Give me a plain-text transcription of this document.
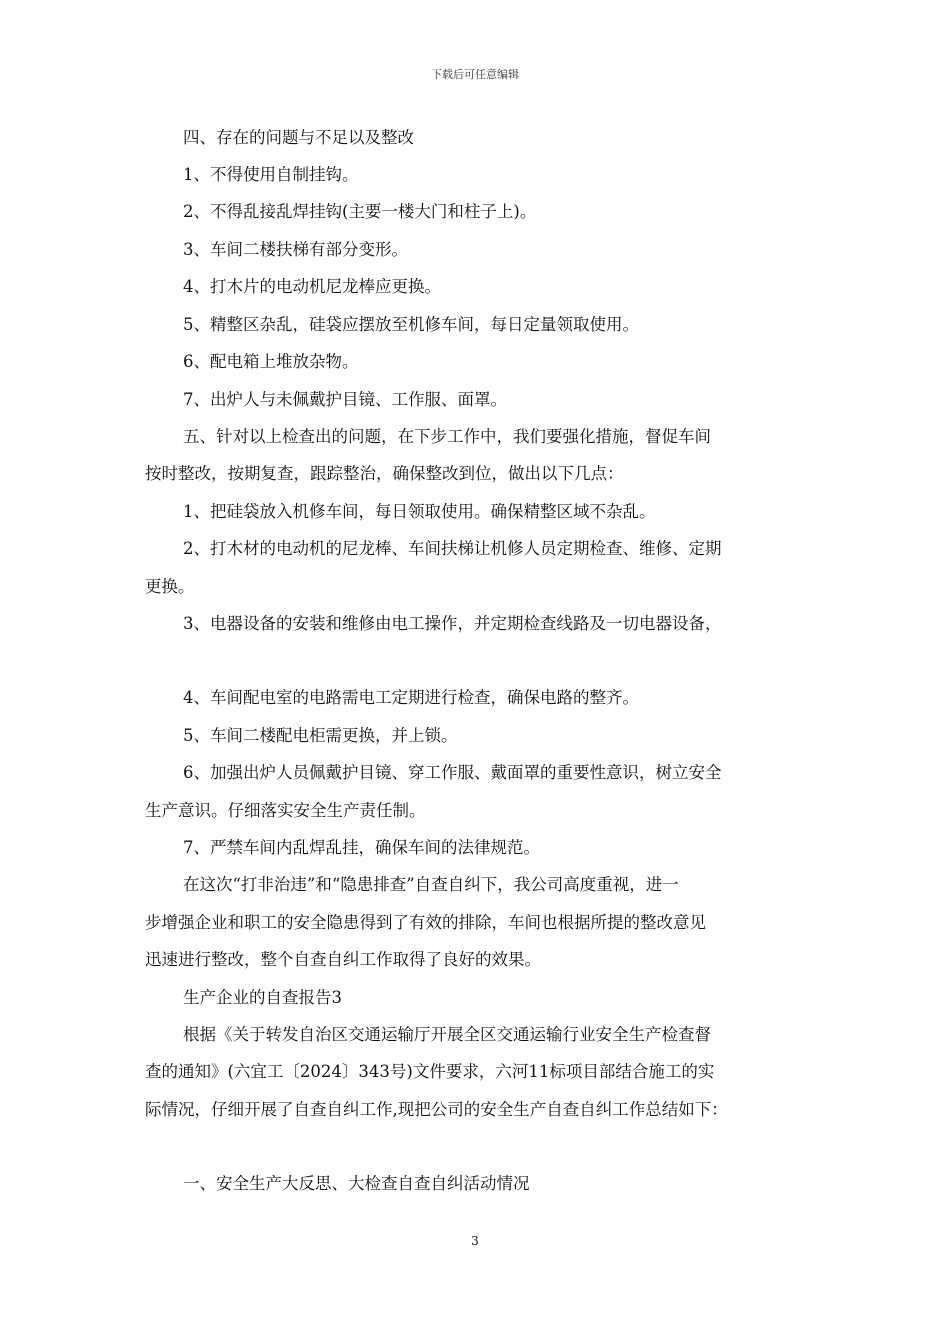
下载后可任意编辑
四、存在的问题与不足以及整改
1、不得使用自制挂钩。
2、不得乱接乱焊挂钩(主要一楼大门和柱子上)。
3、车间二楼扶梯有部分变形。
4、打木片的电动机尼龙棒应更换。
5、精整区杂乱，硅袋应摆放至机修车间，每日定量领取使用。
6、配电箱上堆放杂物。
7、出炉人与未佩戴护目镜、工作服、面罩。
五、针对以上检查出的问题，在下步工作中，我们要强化措施，督促车间
按时整改，按期复查，跟踪整治，确保整改到位，做出以下几点：
1、把硅袋放入机修车间，每日领取使用。确保精整区域不杂乱。
2、打木材的电动机的尼龙棒、车间扶梯让机修人员定期检查、维修、定期
更换。
3、电器设备的安装和维修由电工操作，并定期检查线路及一切电器设备，
4、车间配电室的电路需电工定期进行检查，确保电路的整齐。
5、车间二楼配电柜需更换，并上锁。
6、加强出炉人员佩戴护目镜、穿工作服、戴面罩的重要性意识，树立安全
生产意识。仔细落实安全生产责任制。
7、严禁车间内乱焊乱挂，确保车间的法律规范。
在这次“打非治违”和“隐患排查”自查自纠下，我公司高度重视，进一
步增强企业和职工的安全隐患得到了有效的排除，车间也根据所提的整改意见
迅速进行整改，整个自查自纠工作取得了良好的效果。
生产企业的自查报告3
根据《关于转发自治区交通运输厅开展全区交通运输行业安全生产检查督
查的通知》(六宜工〔2024〕343号)文件要求，六河11标项目部结合施工的实
际情况，仔细开展了自查自纠工作,现把公司的安全生产自查自纠工作总结如下：
一、安全生产大反思、大检查自查自纠活动情况
3
